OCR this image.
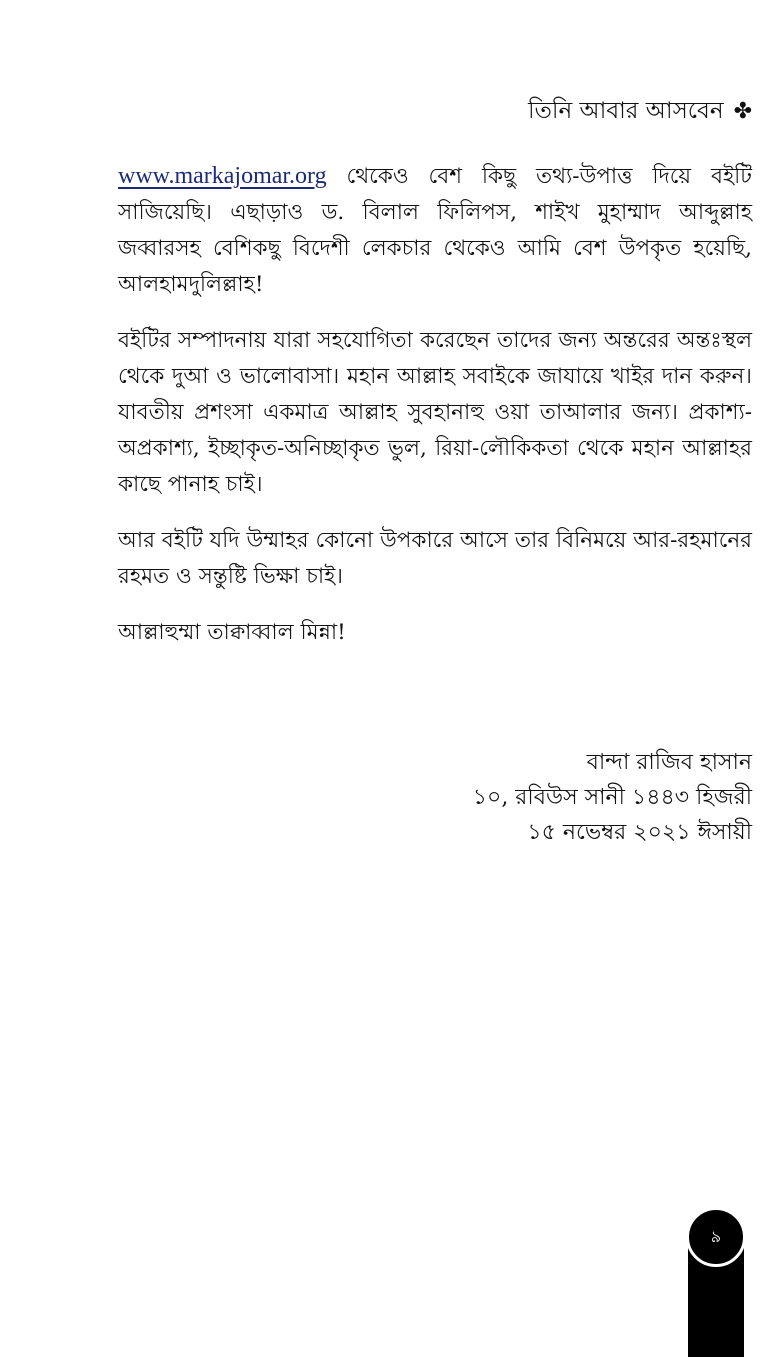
তিনি আবার আসবেন ✤

www.markajomar.org থেকেও বেশ কিছু তথ্য-উপাত্ত দিয়ে বইটি সাজিয়েছি। এছাড়াও ড. বিলাল ফিলিপস, শাইখ মুহাম্মাদ আব্দুল্লাহ জব্বারসহ বেশিকছু বিদেশী লেকচার থেকেও আমি বেশ উপকৃত হয়েছি, আলহামদুলিল্লাহ!

বইটির সম্পাদনায় যারা সহযোগিতা করেছেন তাদের জন্য অন্তরের অন্তঃস্থল থেকে দুআ ও ভালোবাসা। মহান আল্লাহ সবাইকে জাযায়ে খাইর দান করুন। যাবতীয় প্রশংসা একমাত্র আল্লাহ সুবহানাহু ওয়া তাআলার জন্য। প্রকাশ্য-অপ্রকাশ্য, ইচ্ছাকৃত-অনিচ্ছাকৃত ভুল, রিয়া-লৌকিকতা থেকে মহান আল্লাহর কাছে পানাহ চাই।

আর বইটি যদি উম্মাহর কোনো উপকারে আসে তার বিনিময়ে আর-রহমানের রহমত ও সন্তুষ্টি ভিক্ষা চাই।

আল্লাহুম্মা তাক্বাব্বাল মিন্না!

বান্দা রাজিব হাসান
১০, রবিউস সানী ১৪৪৩ হিজরী
১৫ নভেম্বর ২০২১ ঈসায়ী
৯
